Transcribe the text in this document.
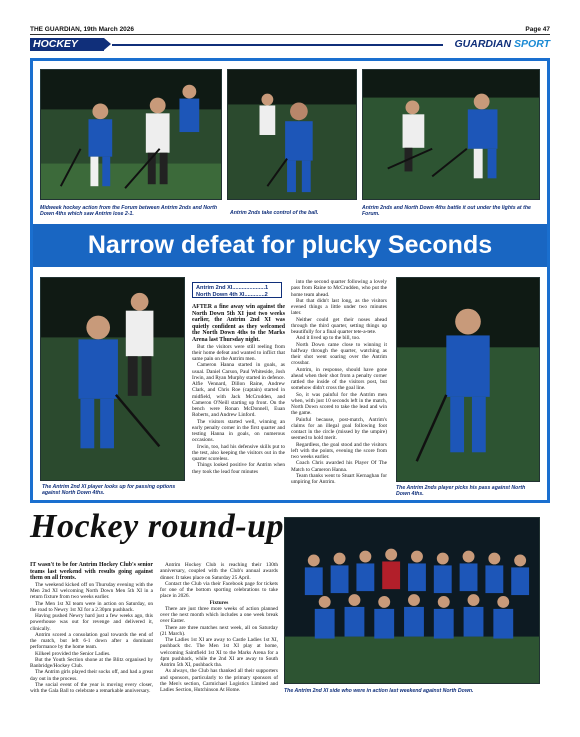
THE GUARDIAN, 19th March 2026	Page 47
HOCKEY	GUARDIAN SPORT
Midweek hockey action from the Forum between Antrim 2nds and North Down 4ths which saw Antrim lose 2-1.	Antrim 2nds take control of the ball.
Antrim 2nds and North Down 4ths battle it out under the lights at the Forum.
Narrow defeat for plucky Seconds
The Antrim 2nd XI player looks up for passing options against North Down 4ths.
Antrim 2nd XI.....................1
North Down 4th XI.............2

AFTER a fine away win against the North Down 5th XI just two weeks earlier, the Antrim 2nd XI was quietly confident as they welcomed the North Down 4ths to the Marks Arena last Thursday night.

But the visitors were still reeling from their home defeat and wanted to inflict that same pain on the Antrim men.

Cameron Hanna started in goals, as usual. Daniel Carson, Paul Whiteside, Josh Irwin, and Ryan Murphy started in defence. Alfie Vennard, Dillon Raine, Andrew Clark, and Chris Roe (captain) started in midfield, with Jack McCrudden, and Cameron O'Neill starting up front. On the bench were Ronan McDonnell, Euan Roberts, and Andrew Linford.

The visitors started well, winning an early penalty corner in the first quarter and testing Hanna in goals, on numerous occasions.

Irwin, too, had his defensive skills put to the test, also keeping the visitors out in the quarter scoreless.

Things looked positive for Antrim when they took the lead four minutes

into the second quarter following a lovely pass from Raine to McCrudden, who put the home team ahead.

But that didn't last long, as the visitors evened things a little under two minutes later.

Neither could get their noses ahead through the third quarter, setting things up beautifully for a final quarter tete-a-tete.

And it lived up to the bill, too.

North Down came close to winning it halfway through the quarter, watching as their shot went soaring over the Antrim crossbar.

Antrim, in response, should have gone ahead when their shot from a penalty corner rattled the inside of the visitors post, but somehow didn't cross the goal line.

So, it was painful for the Antrim men when, with just 10 seconds left in the match, North Down scored to take the lead and win the game.

Painful because, post-match, Antrim's claims for an illegal goal following foot contact in the circle (missed by the umpire) seemed to hold merit.

Regardless, the goal stood and the visitors left with the points, evening the score from two weeks earlier.

Coach Chris awarded his Player Of The Match to Cameron Hanna.

Team thanks went to Stuart Kernaghan for umpiring for Antrim.

The Antrim 2nds player picks his pass against North Down 4ths.
Hockey round-up

IT wasn't to be for Antrim Hockey Club's senior teams last weekend with results going against them on all fronts.

The weekend kicked off on Thursday evening with the Men 2nd XI welcoming North Down Men 5th XI in a return fixture from two weeks earlier.

The Men 1st XI team were in action on Saturday, on the road to Newry 1st XI for a 2.30pm pushback.

Having pushed Newry hard just a few weeks ago, this powerhouse was out for revenge and delivered it, clinically.

Antrim scored a consolation goal towards the end of the match, but left 6-1 down after a dominant performance by the home team.

Kilkeel provided the Senior Ladies.

But the Youth Section shone at the Blitz organised by Banbridge/Hockey Club.

The Antrim girls played their socks off, and had a great day out in the process.

The social event of the year is moving every closer, with the Gala Ball to celebrate a remarkable anniversary.

Antrim Hockey Club is reaching their 130th anniversary, coupled with the Club's annual awards dinner. It takes place on Saturday 25 April.

Contact the Club via their Facebook page for tickets for one of the bottom sporting celebrations to take place in 2026.

Fixtures

There are just three more weeks of action planned over the next month which includes a one week break over Easter.

There are three matches next week, all on Saturday (21 March).

The Ladies 1st XI are away to Castle Ladies 1st XI, pushback tbc. The Men 1st XI play at home, welcoming Saintfield 1st XI to the Marks Arena for a 4pm pushback, while the 2nd XI are away to South Antrim 5th XI, pushback tba.

As always, the Club has thanked all their supporters and sponsors, particularly to the primary sponsors of the Men's section, Carmichael Logistics Limited and Ladies Section, Hutchinson At Home.	The Antrim 2nd XI side who were in action last weekend against North Down.
